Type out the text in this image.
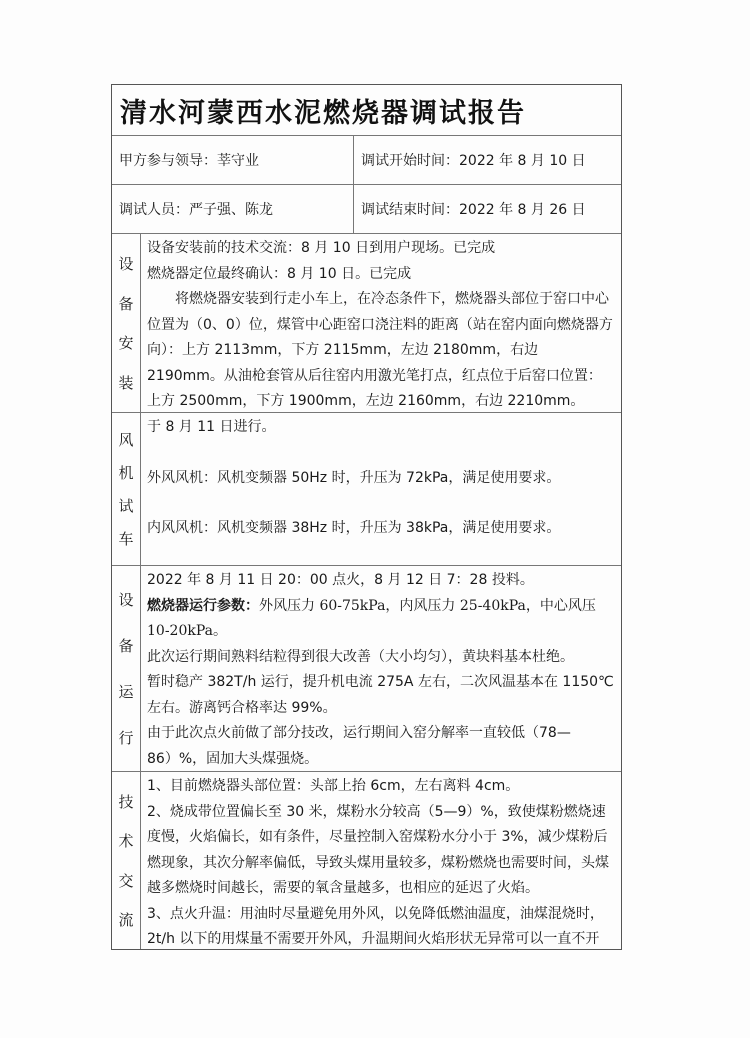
清水河蒙西水泥燃烧器调试报告
甲方参与领导： 莘守业	调试开始时间： 2022 年 8 月 10 日
调试人员： 严子强、陈龙	调试结束时间： 2022 年 8 月 26 日
设
备
安
装

设备安装前的技术交流：8 月 10 日到用户现场。已完成

燃烧器定位最终确认：8 月 10 日。已完成

将燃烧器安装到行走小车上，在冷态条件下，燃烧器头部位于窑口中心位置为（0、0）位，煤管中心距窑口浇注料的距离（站在窑内面向燃烧器方向）：上方 2113mm，下方 2115mm，左边 2180mm，右边 2190mm。从油枪套管从后往窑内用激光笔打点，红点位于后窑口位置：上方 2500mm，下方 1900mm，左边 2160mm，右边 2210mm。

风
机
试
车

于 8 月 11 日进行。

外风风机：风机变频器 50Hz 时，升压为 72kPa，满足使用要求。

内风风机：风机变频器 38Hz 时，升压为 38kPa，满足使用要求。

设
备
运
行

2022 年 8 月 11 日 20：00 点火，8 月 12 日 7：28 投料。

燃烧器运行参数：外风压力 60-75kPa，内风压力 25-40kPa，中心风压 10-20kPa。

此次运行期间熟料结粒得到很大改善（大小均匀），黄块料基本杜绝。

暂时稳产 382T/h 运行，提升机电流 275A 左右，二次风温基本在 1150℃左右。游离钙合格率达 99%。

由于此次点火前做了部分技改，运行期间入窑分解率一直较低（78—86）%，固加大头煤强烧。

技
术
交
流

1、目前燃烧器头部位置：头部上抬 6cm，左右离料 4cm。

2、烧成带位置偏长至 30 米，煤粉水分较高（5—9）%，致使煤粉燃烧速度慢，火焰偏长，如有条件，尽量控制入窑煤粉水分小于 3%，减少煤粉后燃现象，其次分解率偏低，导致头煤用量较多，煤粉燃烧也需要时间，头煤越多燃烧时间越长，需要的氧含量越多，也相应的延迟了火焰。

3、点火升温：用油时尽量避免用外风，以免降低燃油温度，油煤混烧时，2t/h 以下的用煤量不需要开外风，升温期间火焰形状无异常可以一直不开
